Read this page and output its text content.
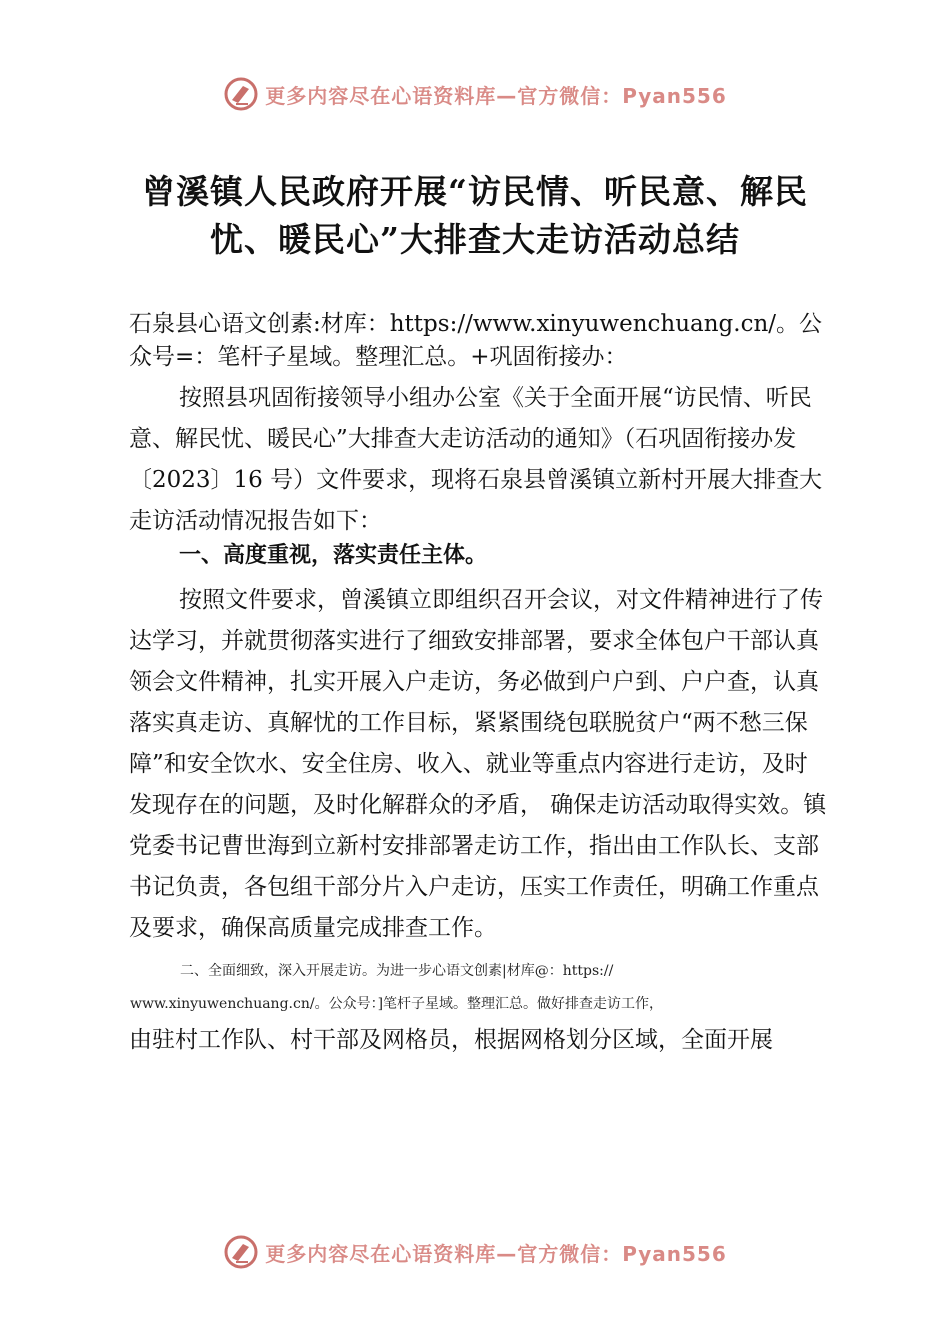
更多内容尽在心语资料库—官方微信：Pyan556
曾溪镇人民政府开展“访民情、听民意、解民
忧、暖民心”大排查大走访活动总结

石泉县心语文创素:材库：https://www.xinyuwenchuang.cn/。公众号=：笔杆子星域。整理汇总。+巩固衔接办：

按照县巩固衔接领导小组办公室《关于全面开展“访民情、听民意、解民忧、暖民心”大排查大走访活动的通知》（石巩固衔接办发〔2023〕16 号）文件要求，现将石泉县曾溪镇立新村开展大排查大走访活动情况报告如下：

一、高度重视，落实责任主体。

按照文件要求，曾溪镇立即组织召开会议，对文件精神进行了传达学习，并就贯彻落实进行了细致安排部署，要求全体包户干部认真领会文件精神，扎实开展入户走访，务必做到户户到、户户查，认真落实真走访、真解忧的工作目标，紧紧围绕包联脱贫户“两不愁三保障”和安全饮水、安全住房、收入、就业等重点内容进行走访，及时发现存在的问题，及时化解群众的矛盾， 确保走访活动取得实效。镇党委书记曹世海到立新村安排部署走访工作，指出由工作队长、支部书记负责，各包组干部分片入户走访，压实工作责任，明确工作重点及要求，确保高质量完成排查工作。

二、全面细致，深入开展走访。为进一步心语文创素|材库@：https://
www.xinyuwenchuang.cn/。公众号：]笔杆子星域。整理汇总。做好排查走访工作，

由驻村工作队、村干部及网格员，根据网格划分区域，全面开展

更多内容尽在心语资料库—官方微信：Pyan556
